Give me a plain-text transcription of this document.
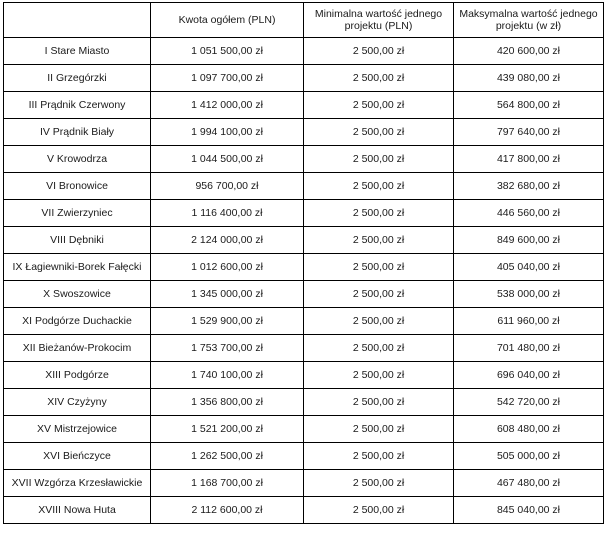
	Kwota ogółem (PLN)	Minimalna wartość jednego projektu (PLN)	Maksymalna wartość jednego projektu (w zł)
I Stare Miasto	1 051 500,00 zł	2 500,00 zł	420 600,00 zł
II Grzegórzki	1 097 700,00 zł	2 500,00 zł	439 080,00 zł
III Prądnik Czerwony	1 412 000,00 zł	2 500,00 zł	564 800,00 zł
IV Prądnik Biały	1 994 100,00 zł	2 500,00 zł	797 640,00 zł
V Krowodrza	1 044 500,00 zł	2 500,00 zł	417 800,00 zł
VI Bronowice	956 700,00 zł	2 500,00 zł	382 680,00 zł
VII Zwierzyniec	1 116 400,00 zł	2 500,00 zł	446 560,00 zł
VIII Dębniki	2 124 000,00 zł	2 500,00 zł	849 600,00 zł
IX Łagiewniki-Borek Fałęcki	1 012 600,00 zł	2 500,00 zł	405 040,00 zł
X Swoszowice	1 345 000,00 zł	2 500,00 zł	538 000,00 zł
XI Podgórze Duchackie	1 529 900,00 zł	2 500,00 zł	611 960,00 zł
XII Bieżanów-Prokocim	1 753 700,00 zł	2 500,00 zł	701 480,00 zł
XIII Podgórze	1 740 100,00 zł	2 500,00 zł	696 040,00 zł
XIV Czyżyny	1 356 800,00 zł	2 500,00 zł	542 720,00 zł
XV Mistrzejowice	1 521 200,00 zł	2 500,00 zł	608 480,00 zł
XVI Bieńczyce	1 262 500,00 zł	2 500,00 zł	505 000,00 zł
XVII Wzgórza Krzesławickie	1 168 700,00 zł	2 500,00 zł	467 480,00 zł
XVIII Nowa Huta	2 112 600,00 zł	2 500,00 zł	845 040,00 zł
